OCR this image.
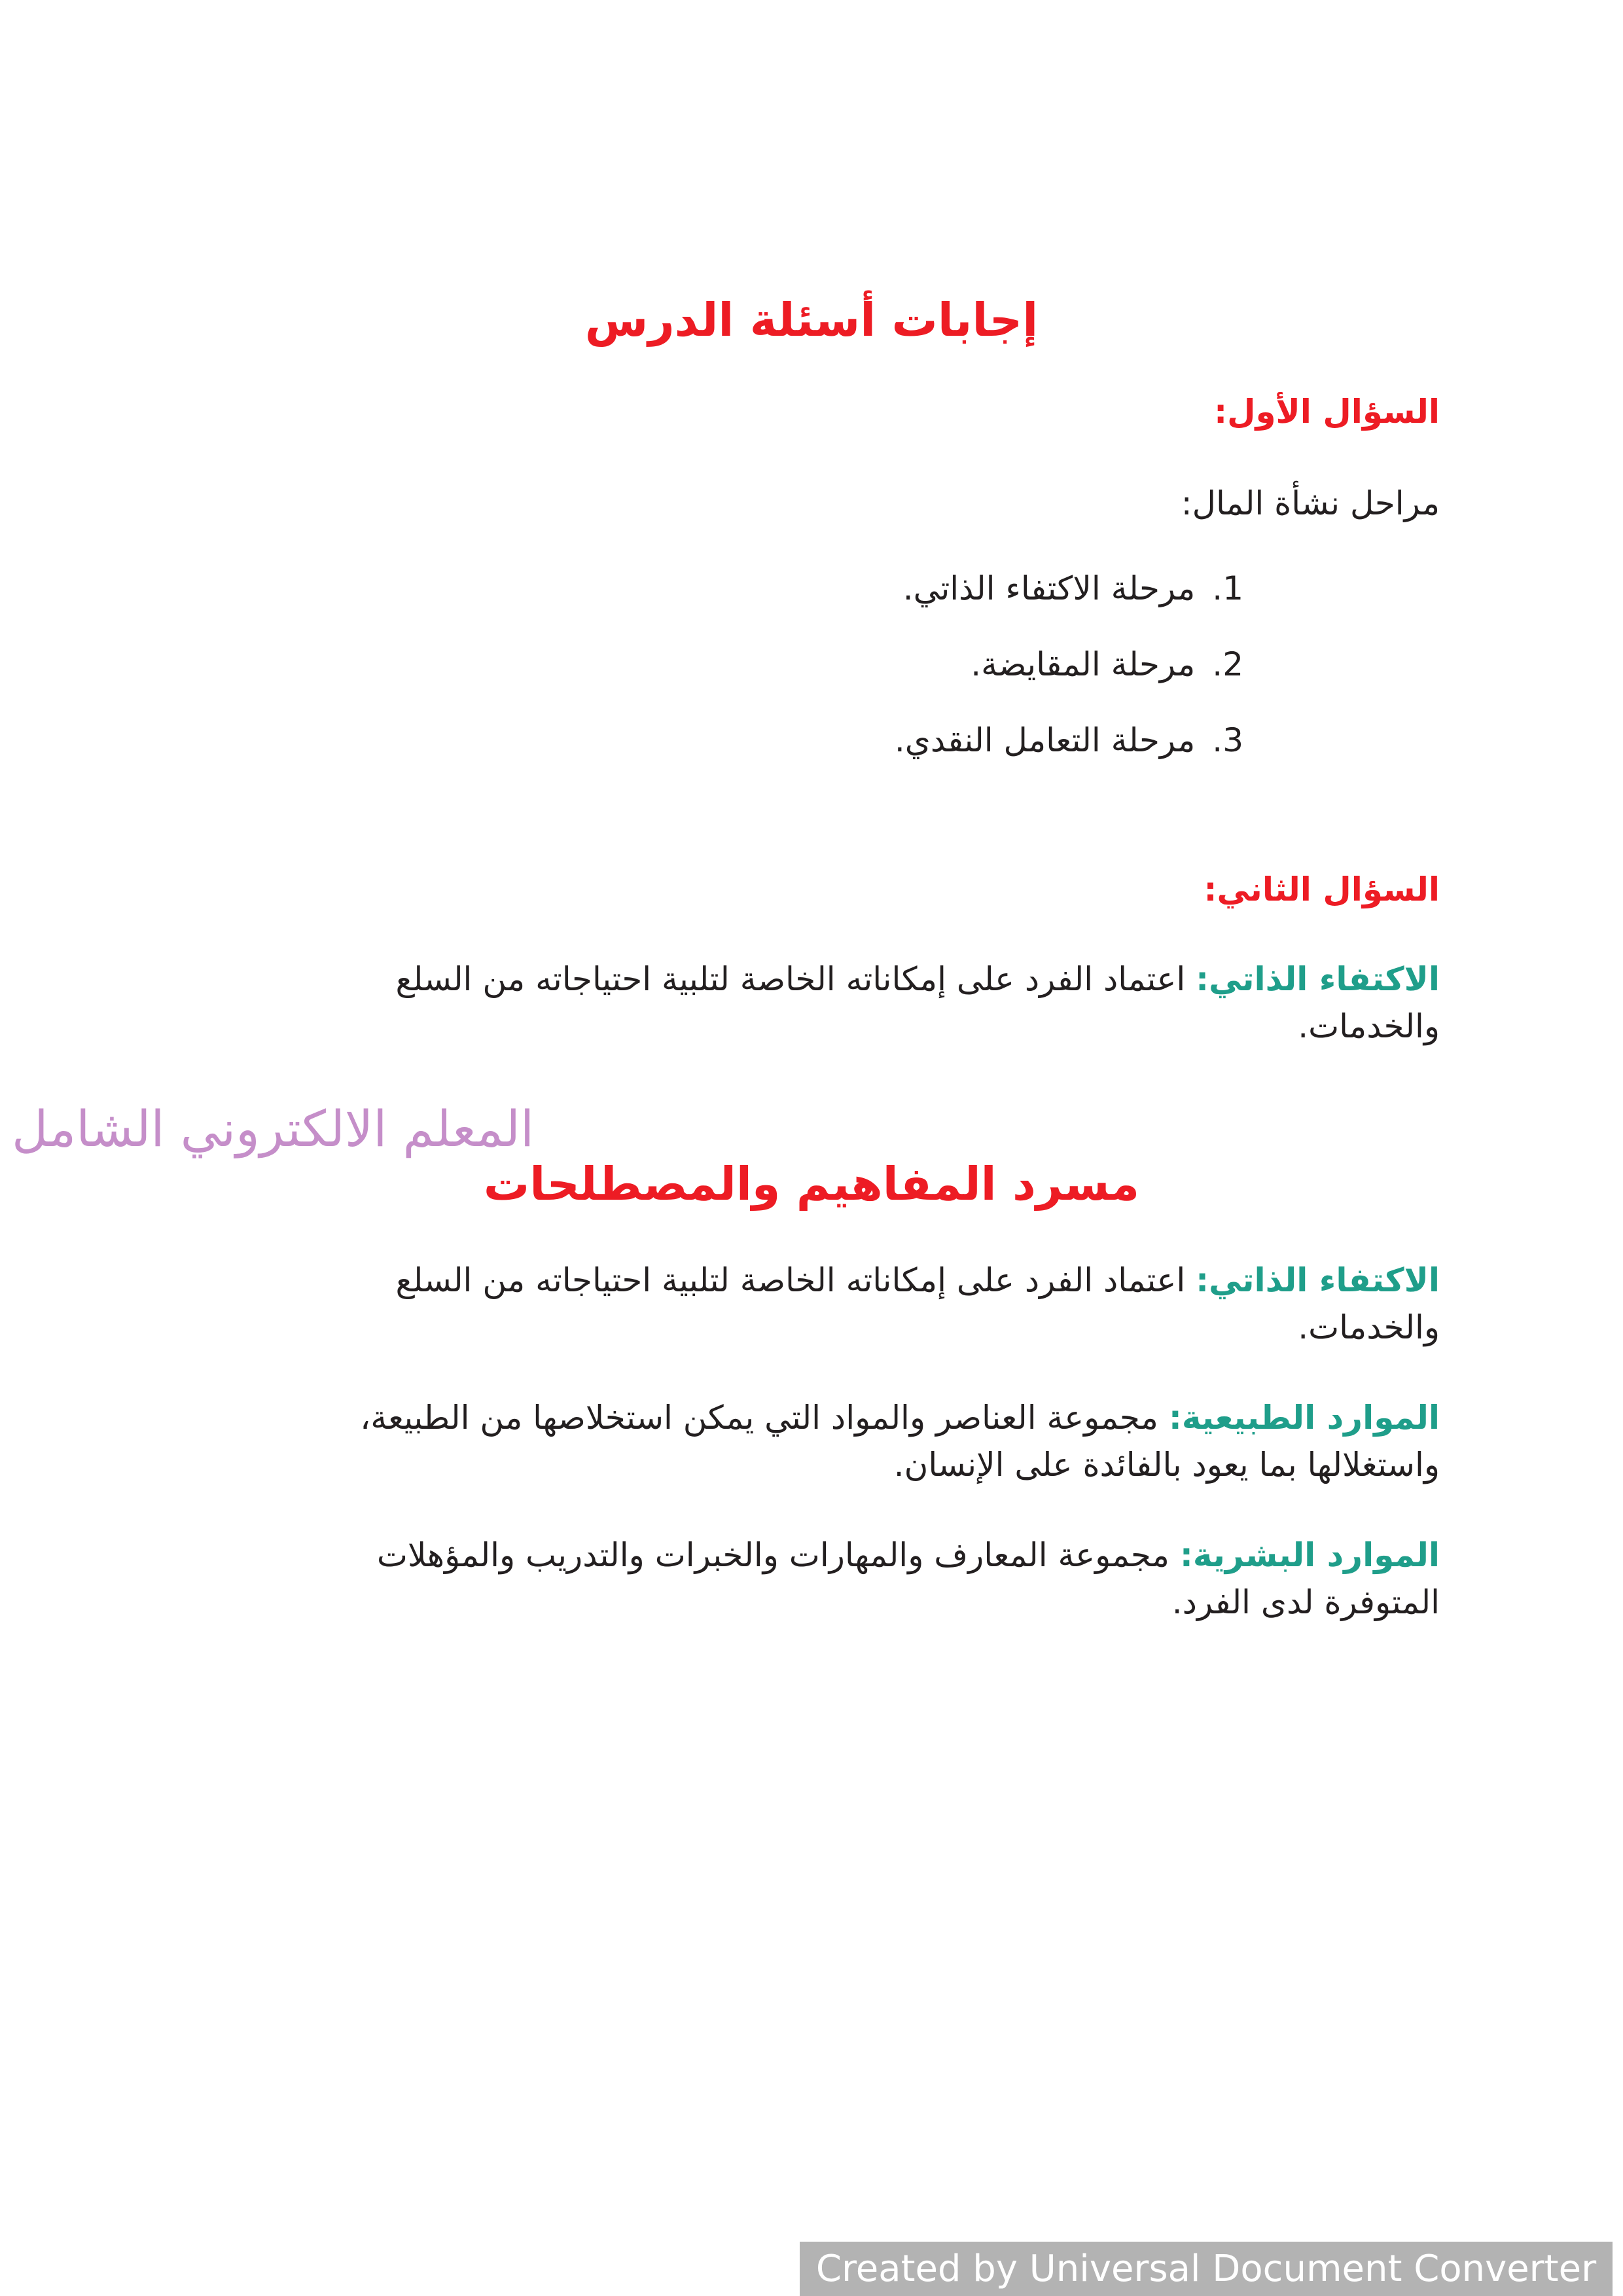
إجابات أسئلة الدرس
السؤال الأول:
مراحل نشأة المال:
1.مرحلة الاكتفاء الذاتي.
2.مرحلة المقايضة.
3.مرحلة التعامل النقدي.
السؤال الثاني:
الاكتفاء الذاتي: اعتماد الفرد على إمكاناته الخاصة لتلبية احتياجاته من السلع والخدمات.
المعلم الالكتروني الشامل
مسرد المفاهيم والمصطلحات
الاكتفاء الذاتي: اعتماد الفرد على إمكاناته الخاصة لتلبية احتياجاته من السلع والخدمات.
الموارد الطبيعية: مجموعة العناصر والمواد التي يمكن استخلاصها من الطبيعة، واستغلالها بما يعود بالفائدة على الإنسان.
الموارد البشرية: مجموعة المعارف والمهارات والخبرات والتدريب والمؤهلات المتوفرة لدى الفرد.
Created by Universal Document Converter
